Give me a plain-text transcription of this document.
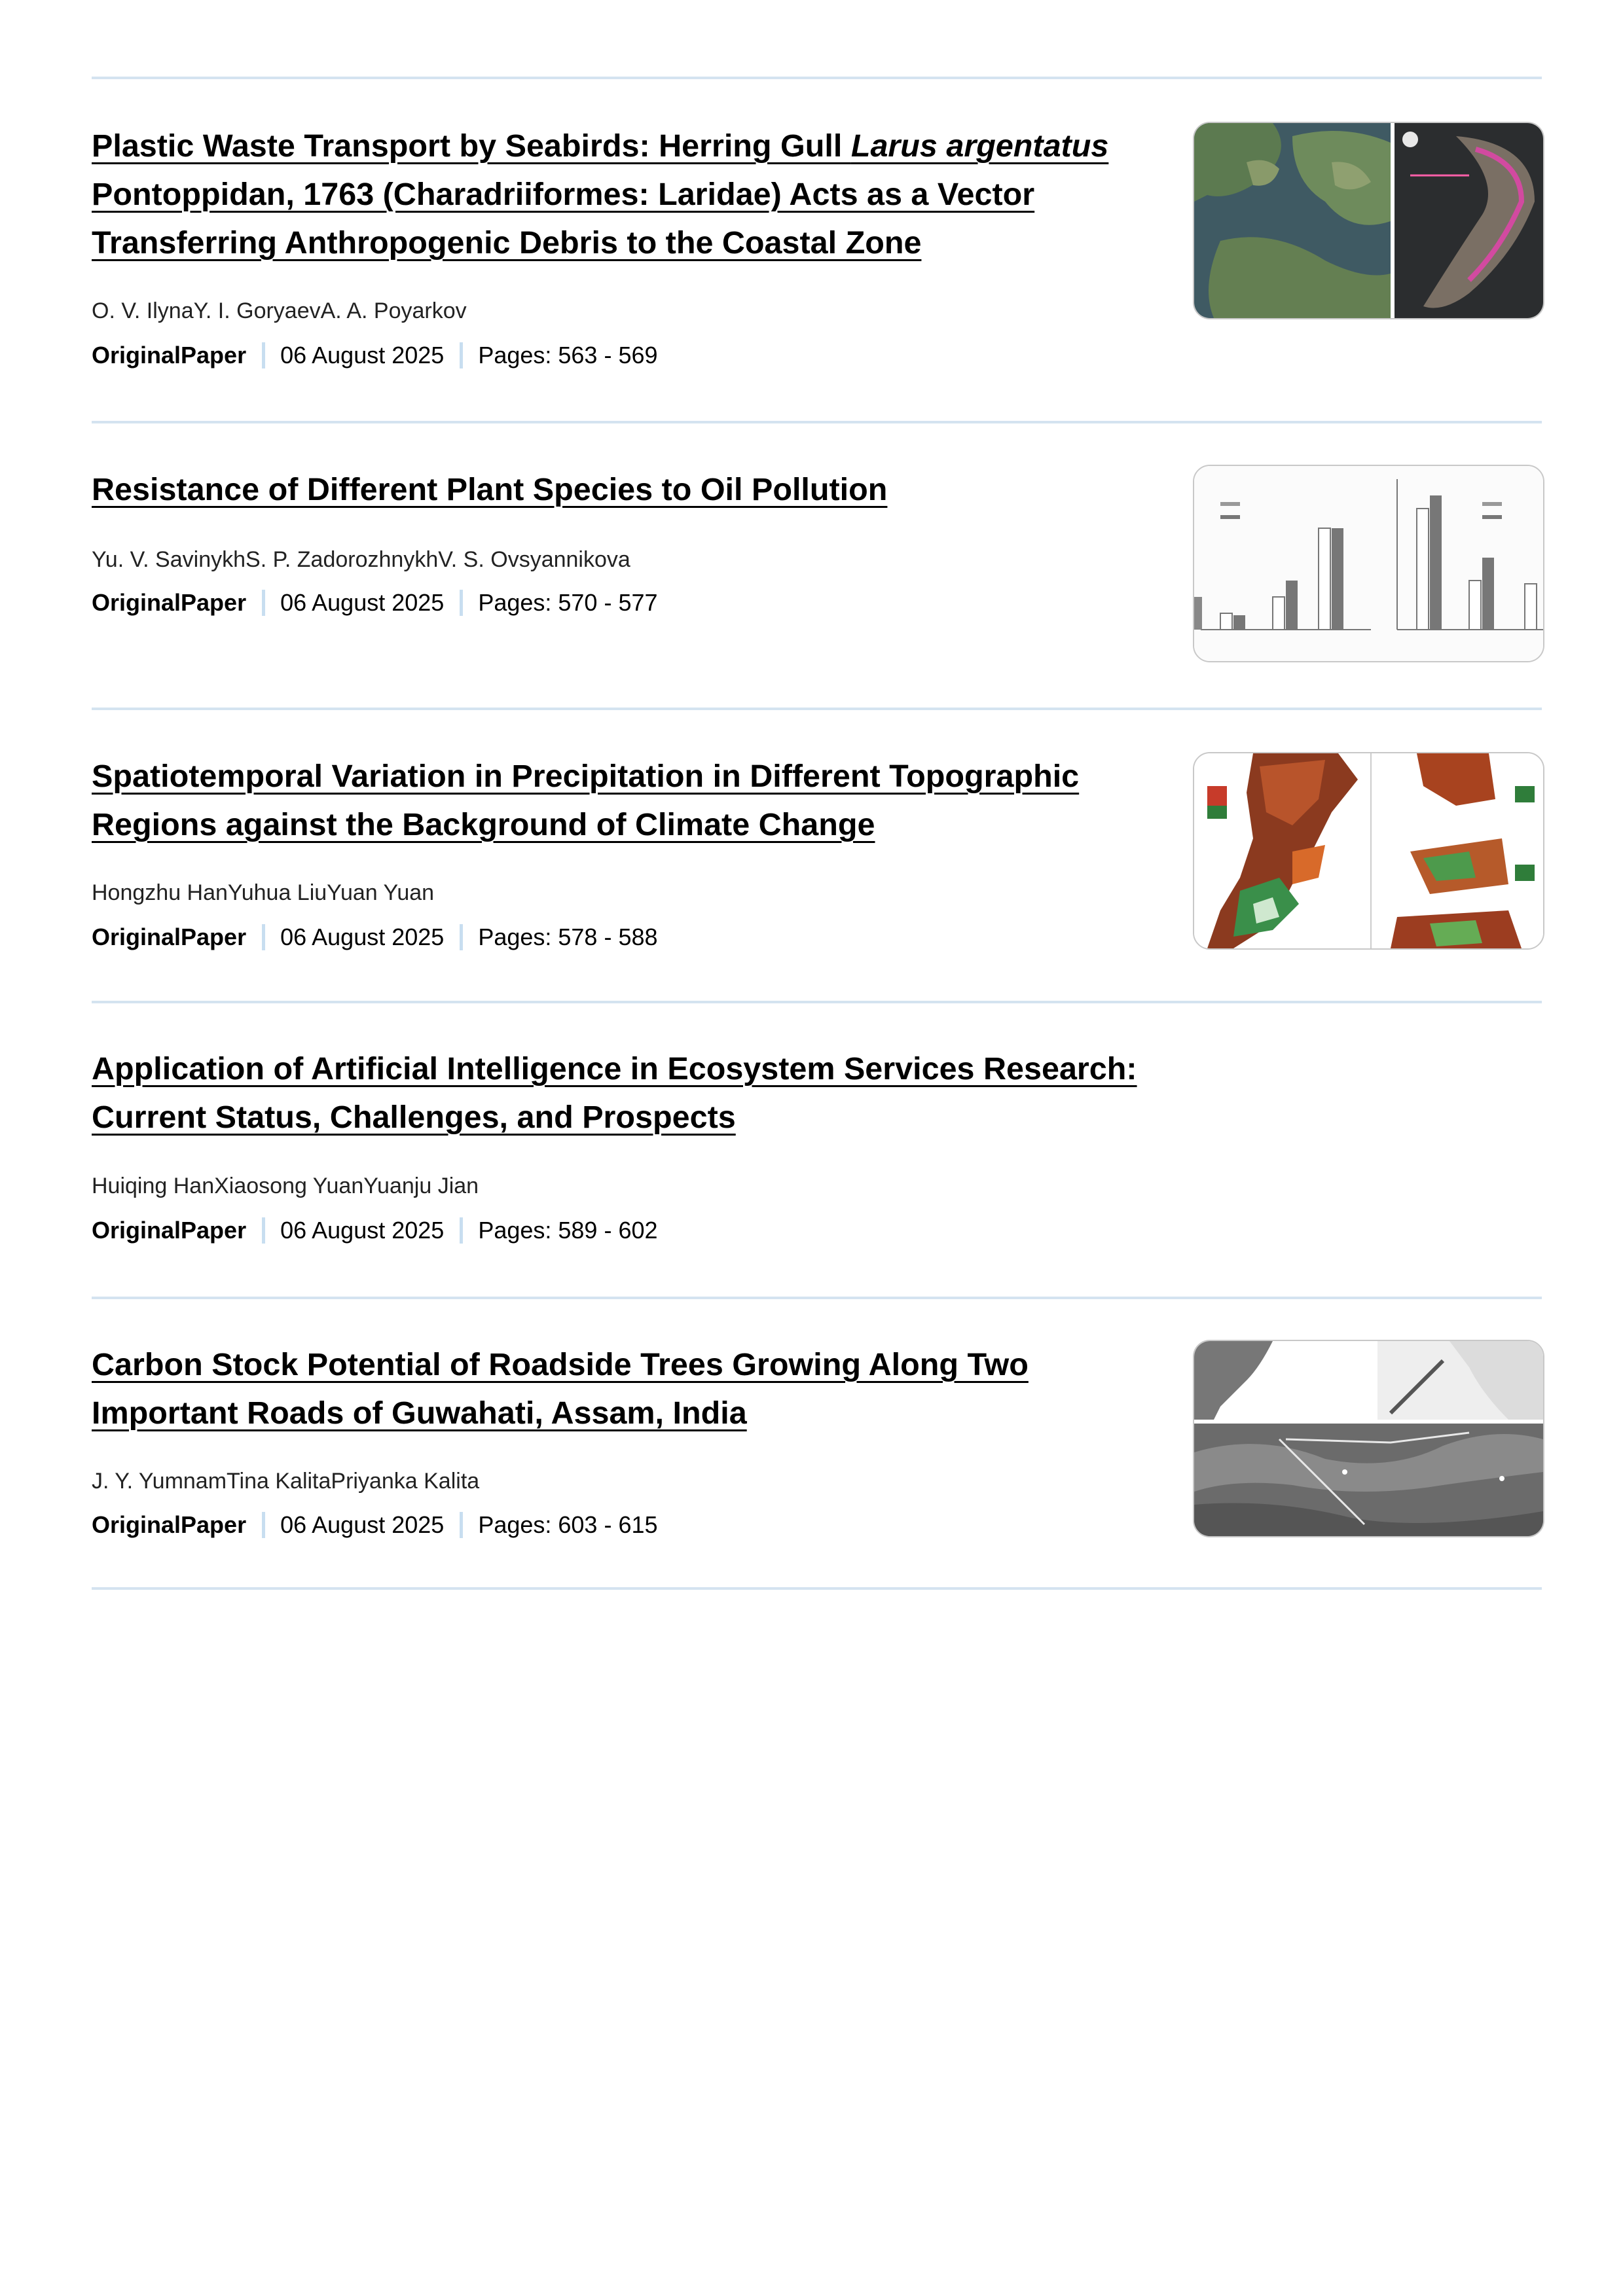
Plastic Waste Transport by Seabirds: Herring Gull Larus argentatus Pontoppidan, 1763 (Charadriiformes: Laridae) Acts as a Vector Transferring Anthropogenic Debris to the Coastal Zone
O. V. IlynaY. I. GoryaevA. A. Poyarkov
OriginalPaper 06 August 2025 Pages: 563 - 569
Resistance of Different Plant Species to Oil Pollution
Yu. V. SavinykhS. P. ZadorozhnykhV. S. Ovsyannikova
OriginalPaper 06 August 2025 Pages: 570 - 577
Spatiotemporal Variation in Precipitation in Different Topographic Regions against the Background of Climate Change
Hongzhu HanYuhua LiuYuan Yuan
OriginalPaper 06 August 2025 Pages: 578 - 588
Application of Artificial Intelligence in Ecosystem Services Research: Current Status, Challenges, and Prospects
Huiqing HanXiaosong YuanYuanju Jian
OriginalPaper 06 August 2025 Pages: 589 - 602
Carbon Stock Potential of Roadside Trees Growing Along Two Important Roads of Guwahati, Assam, India
J. Y. YumnamTina KalitaPriyanka Kalita
OriginalPaper 06 August 2025 Pages: 603 - 615
